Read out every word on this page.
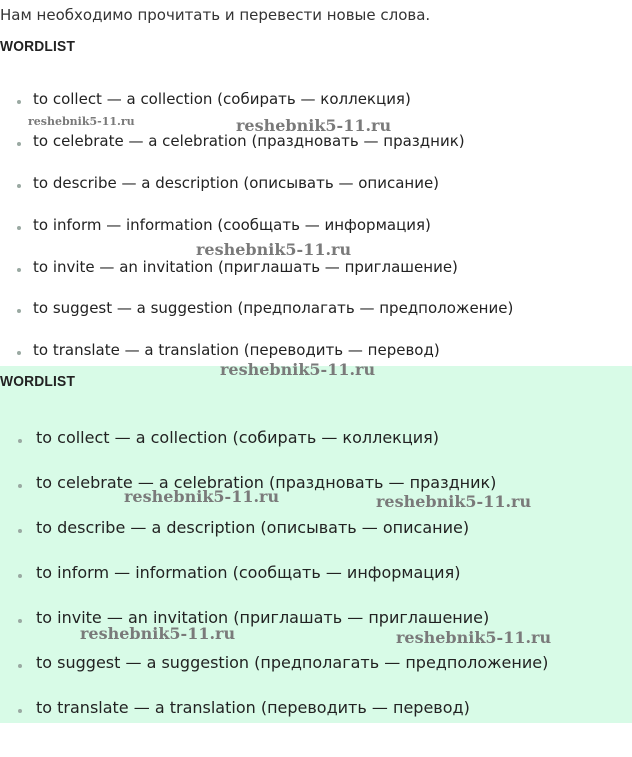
Нам необходимо прочитать и перевести новые слова.
WORDLIST
to collect — a collection (собирать — коллекция)
to celebrate — a celebration (праздновать — праздник)
to describe — a description (описывать — описание)
to inform — information (сообщать — информация)
to invite — an invitation (приглашать — приглашение)
to suggest — a suggestion (предполагать — предположение)
to translate — a translation (переводить — перевод)
WORDLIST
to collect — a collection (собирать — коллекция)
to celebrate — a celebration (праздновать — праздник)
to describe — a description (описывать — описание)
to inform — information (сообщать — информация)
to invite — an invitation (приглашать — приглашение)
to suggest — a suggestion (предполагать — предположение)
to translate — a translation (переводить — перевод)
reshebnik5-11.ru	reshebnik5-11.ru
reshebnik5-11.ru
reshebnik5-11.ru
reshebnik5-11.ru	reshebnik5-11.ru
reshebnik5-11.ru	reshebnik5-11.ru
